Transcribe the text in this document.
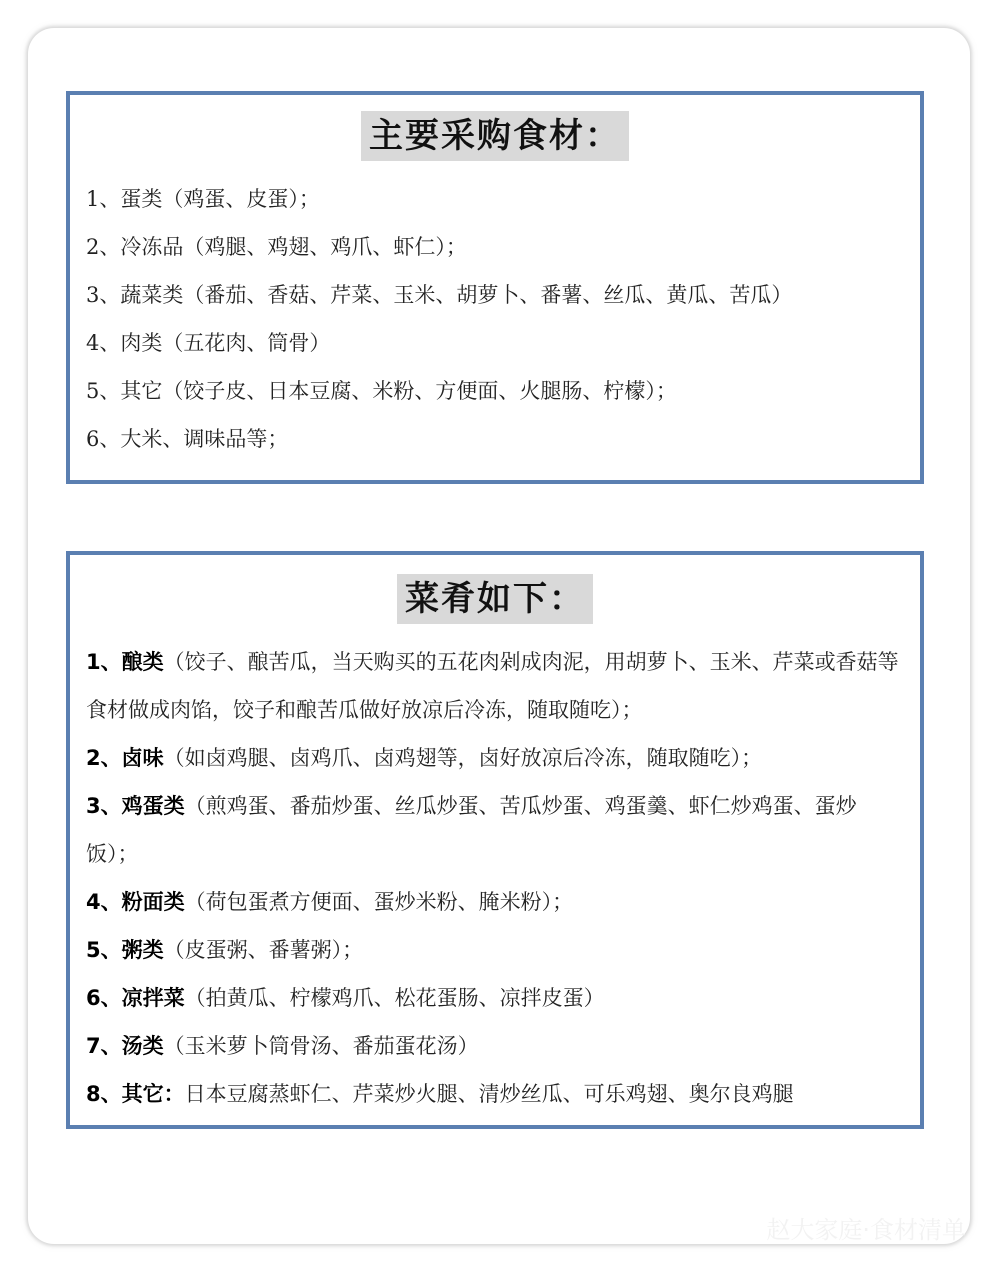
主要采购食材：
1、蛋类（鸡蛋、皮蛋）；
2、冷冻品（鸡腿、鸡翅、鸡爪、虾仁）；
3、蔬菜类（番茄、香菇、芹菜、玉米、胡萝卜、番薯、丝瓜、黄瓜、苦瓜）
4、肉类（五花肉、筒骨）
5、其它（饺子皮、日本豆腐、米粉、方便面、火腿肠、柠檬）；
6、大米、调味品等；
菜肴如下：
1、酿类（饺子、酿苦瓜，当天购买的五花肉剁成肉泥，用胡萝卜、玉米、芹菜或香菇等食材做成肉馅，饺子和酿苦瓜做好放凉后冷冻，随取随吃）；
2、卤味（如卤鸡腿、卤鸡爪、卤鸡翅等，卤好放凉后冷冻，随取随吃）；
3、鸡蛋类（煎鸡蛋、番茄炒蛋、丝瓜炒蛋、苦瓜炒蛋、鸡蛋羹、虾仁炒鸡蛋、蛋炒饭）；
4、粉面类（荷包蛋煮方便面、蛋炒米粉、腌米粉）；
5、粥类（皮蛋粥、番薯粥）；
6、凉拌菜（拍黄瓜、柠檬鸡爪、松花蛋肠、凉拌皮蛋）
7、汤类（玉米萝卜筒骨汤、番茄蛋花汤）
8、其它：日本豆腐蒸虾仁、芹菜炒火腿、清炒丝瓜、可乐鸡翅、奥尔良鸡腿
赵大家庭·食材清单
